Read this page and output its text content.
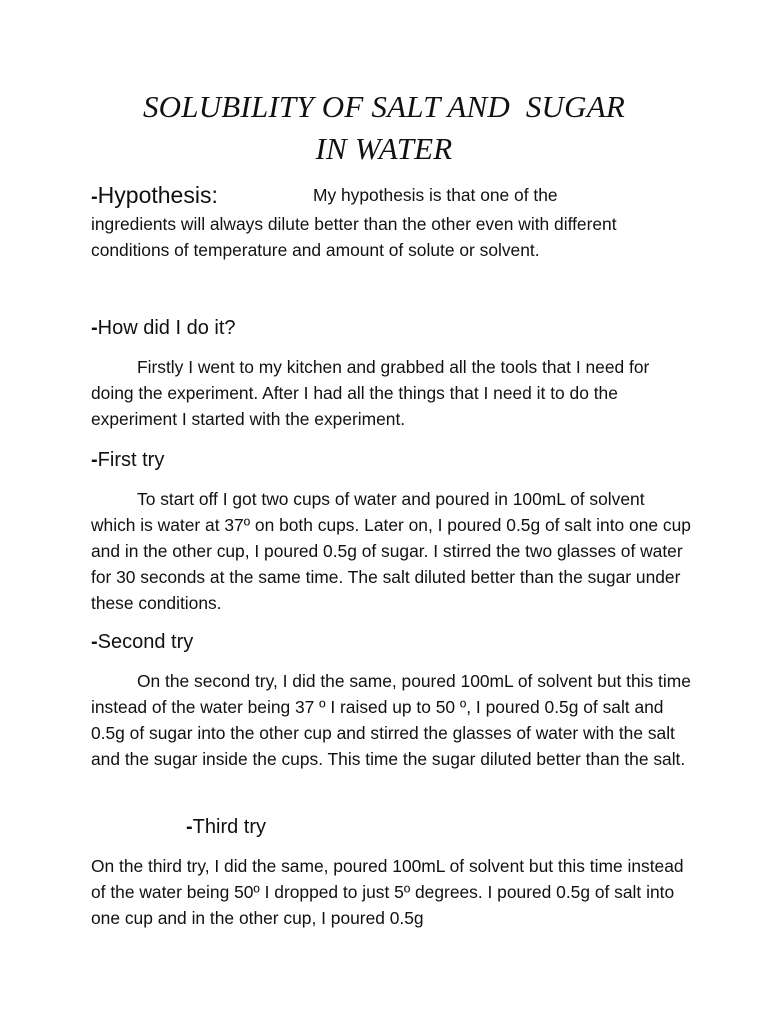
SOLUBILITY OF SALT AND  SUGAR
IN WATER
-Hypothesis:	My hypothesis is that one of the

ingredients will always dilute better than the other even with different conditions of temperature and amount of solute or solvent.

-How did I do it?

Firstly I went to my kitchen and grabbed all the tools that I need for doing the experiment. After I had all the things that I need it to do the experiment I started with the experiment.

-First try

To start off I got two cups of water and poured in 100mL of solvent which is water at 37º on both cups. Later on, I poured 0.5g of salt into one cup and in the other cup, I poured 0.5g of sugar. I stirred the two glasses of water for 30 seconds at the same time. The salt diluted better than the sugar under these conditions.

-Second try

On the second try, I did the same, poured 100mL of solvent but this time instead of the water being 37 º I raised up to 50 º, I poured 0.5g of salt and 0.5g of sugar into the other cup and stirred the glasses of water with the salt and the sugar inside the cups. This time the sugar diluted better than the salt.

-Third try

On the third try, I did the same, poured 100mL of solvent but this time instead of the water being 50º I dropped to just 5º degrees. I poured 0.5g of salt into one cup and in the other cup, I poured 0.5g
